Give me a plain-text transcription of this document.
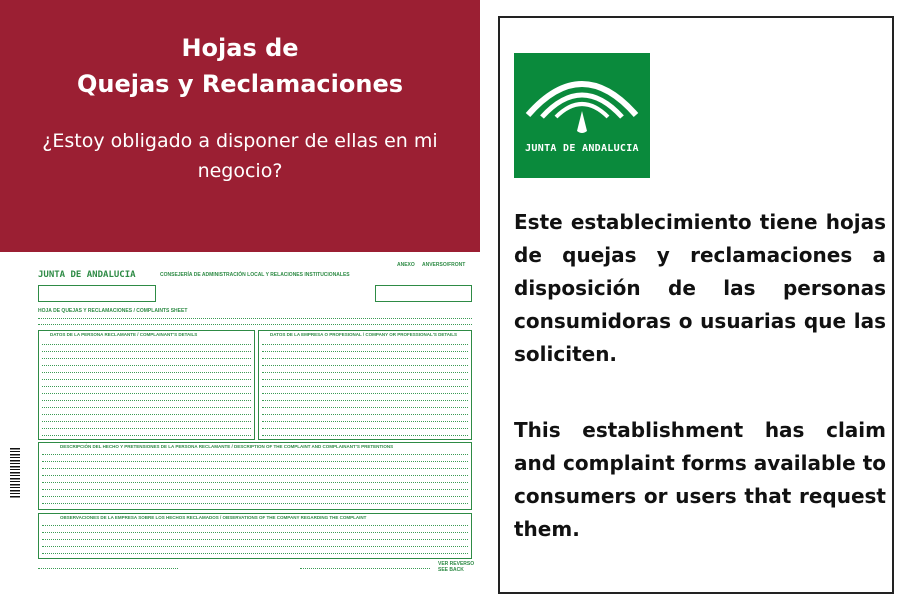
Hojas de
Quejas y Reclamaciones
¿Estoy obligado a disponer de ellas en mi negocio?
JUNTA DE ANDALUCIA	CONSEJERÍA DE ADMINISTRACIÓN LOCAL Y RELACIONES INSTITUCIONALES
ANEXO ANVERSO/FRONT
HOJA DE QUEJAS Y RECLAMACIONES / COMPLAINTS SHEET
DATOS DE LA PERSONA RECLAMANTE / COMPLAINANT'S DETAILS	DATOS DE LA EMPRESA O PROFESIONAL / COMPANY OR PROFESSIONAL'S DETAILS
DESCRIPCIÓN DEL HECHO Y PRETENSIONES DE LA PERSONA RECLAMANTE / DESCRIPTION OF THE COMPLAINT AND COMPLAINANT'S PRETENTIONS
OBSERVACIONES DE LA EMPRESA SOBRE LOS HECHOS RECLAMADOS / OBSERVATIONS OF THE COMPANY REGARDING THE COMPLAINT
VER REVERSO
SEE BACK
JUNTA DE ANDALUCIA
Este establecimiento tiene hojas de quejas y reclamaciones a disposición de las personas consumidoras o usuarias que las soliciten.
This establishment has claim and complaint forms available to consumers or users that request them.
